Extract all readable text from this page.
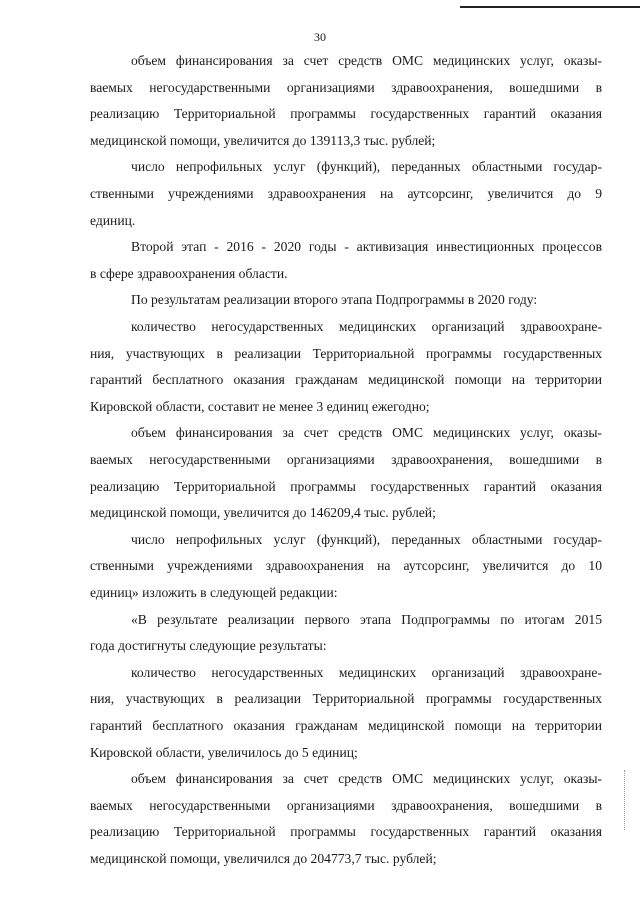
30
объем финансирования за счет средств ОМС медицинских услуг, оказы-
ваемых негосударственными организациями здравоохранения, вошедшими в
реализацию Территориальной программы государственных гарантий оказания
медицинской помощи, увеличится до 139113,3 тыс. рублей;
число непрофильных услуг (функций), переданных областными государ-
ственными учреждениями здравоохранения на аутсорсинг, увеличится до 9
единиц.
Второй этап - 2016 - 2020 годы - активизация инвестиционных процессов
в сфере здравоохранения области.
По результатам реализации второго этапа Подпрограммы в 2020 году:
количество негосударственных медицинских организаций здравоохране-
ния, участвующих в реализации Территориальной программы государственных
гарантий бесплатного оказания гражданам медицинской помощи на территории
Кировской области, составит не менее 3 единиц ежегодно;
объем финансирования за счет средств ОМС медицинских услуг, оказы-
ваемых негосударственными организациями здравоохранения, вошедшими в
реализацию Территориальной программы государственных гарантий оказания
медицинской помощи, увеличится до 146209,4 тыс. рублей;
число непрофильных услуг (функций), переданных областными государ-
ственными учреждениями здравоохранения на аутсорсинг, увеличится до 10
единиц» изложить в следующей редакции:
«В результате реализации первого этапа Подпрограммы по итогам 2015
года достигнуты следующие результаты:
количество негосударственных медицинских организаций здравоохране-
ния, участвующих в реализации Территориальной программы государственных
гарантий бесплатного оказания гражданам медицинской помощи на территории
Кировской области, увеличилось до 5 единиц;
объем финансирования за счет средств ОМС медицинских услуг, оказы-
ваемых негосударственными организациями здравоохранения, вошедшими в
реализацию Территориальной программы государственных гарантий оказания
медицинской помощи, увеличился до 204773,7 тыс. рублей;
